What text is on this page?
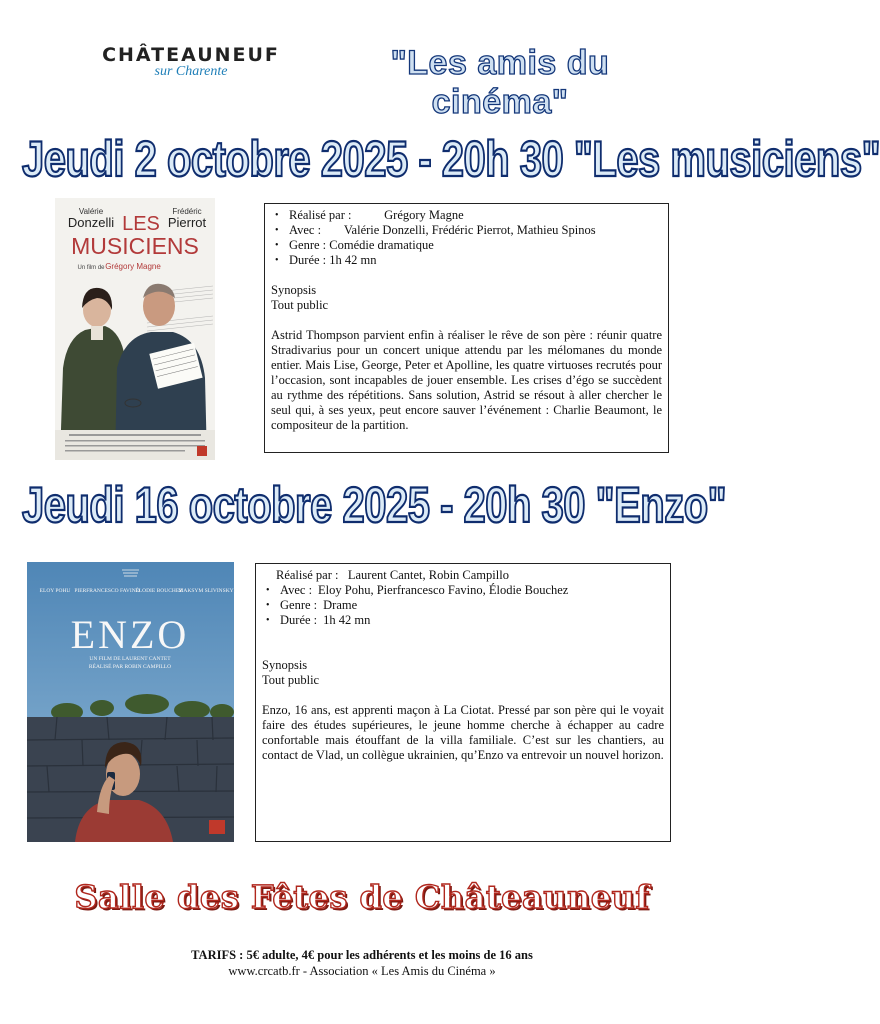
CHÂTEAUNEUF
sur Charente	"Les amis du cinéma"
Jeudi 2 octobre 2025 - 20h 30 "Les musiciens"
Valérie
Donzelli
Frédéric
Pierrot
LES
MUSICIENS
Un film de Grégory Magne
• Réalisé par :	Grégory Magne
• Avec : Valérie Donzelli, Frédéric Pierrot, Mathieu Spinos
• Genre : Comédie dramatique
• Durée : 1h 42 mn

Synopsis

Tout public

Astrid Thompson parvient enfin à réaliser le rêve de son père : réunir quatre Stradivarius pour un concert unique attendu par les mélomanes du monde entier. Mais Lise, George, Peter et Apolline, les quatre virtuoses recrutés pour l’occasion, sont incapables de jouer ensemble. Les crises d’égo se succèdent au rythme des répétitions. Sans solution, Astrid se résout à aller chercher le seul qui, à ses yeux, peut encore sauver l’événement : Charlie Beaumont, le compositeur de la partition.

Jeudi 16 octobre 2025 - 20h 30 "Enzo"
ELOY POHU PIERFRANCESCO FAVINO
ÉLODIE BOUCHEZ
MAKSYM SLIVINSKYI
ENZO
UN FILM DE LAURENT CANTET
RÉALISÉ PAR ROBIN CAMPILLO
Réalisé par : Laurent Cantet, Robin Campillo
• Avec : Eloy Pohu, Pierfrancesco Favino, Élodie Bouchez
• Genre : Drame
• Durée : 1h 42 mn

Synopsis

Tout public

Enzo, 16 ans, est apprenti maçon à La Ciotat. Pressé par son père qui le voyait faire des études supérieures, le jeune homme cherche à échapper au cadre confortable mais étouffant de la villa familiale. C’est sur les chantiers, au contact de Vlad, un collègue ukrainien, qu’Enzo va entrevoir un nouvel horizon.

Salle des Fêtes de Châteauneuf
TARIFS : 5€ adulte, 4€ pour les adhérents et les moins de 16 ans
www.crcatb.fr - Association « Les Amis du Cinéma »
